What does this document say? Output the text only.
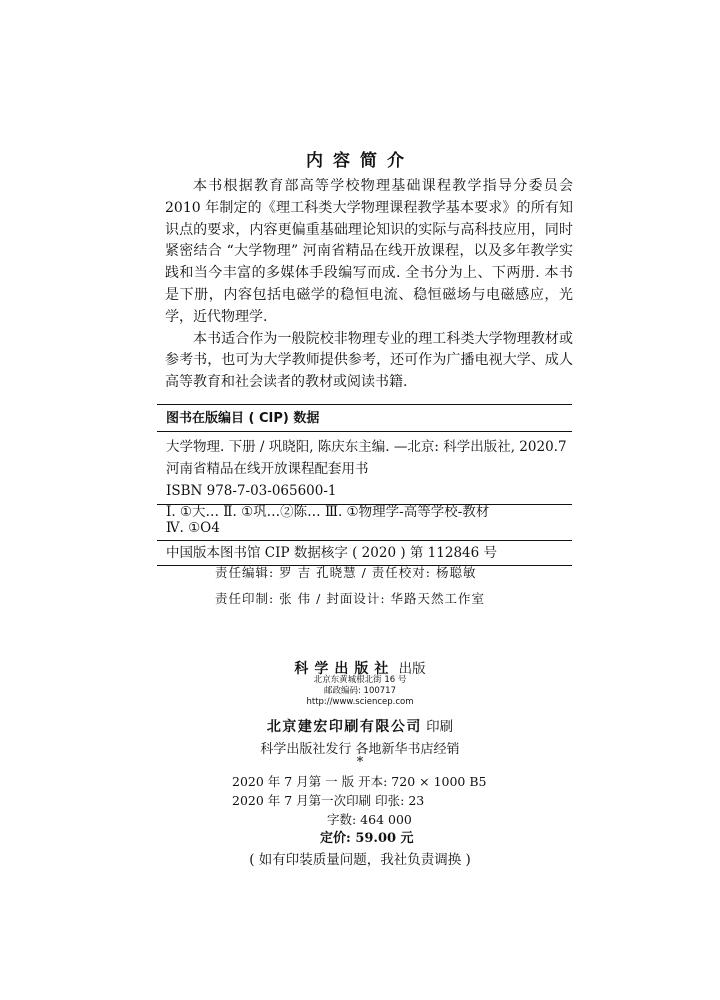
内容简介

本书根据教育部高等学校物理基础课程教学指导分委员会 2010 年制定的《理工科类大学物理课程教学基本要求》的所有知识点的要求，内容更偏重基础理论知识的实际与高科技应用，同时紧密结合 “大学物理” 河南省精品在线开放课程，以及多年教学实践和当今丰富的多媒体手段编写而成. 全书分为上、下两册. 本书是下册，内容包括电磁学的稳恒电流、稳恒磁场与电磁感应，光学，近代物理学.

本书适合作为一般院校非物理专业的理工科类大学物理教材或参考书，也可为大学教师提供参考，还可作为广播电视大学、成人高等教育和社会读者的教材或阅读书籍.

图书在版编目 ( CIP) 数据
大学物理. 下册 / 巩晓阳, 陈庆东主编. —北京: 科学出版社, 2020.7
河南省精品在线开放课程配套用书
ISBN 978-7-03-065600-1
Ⅰ. ①大… Ⅱ. ①巩…②陈… Ⅲ. ①物理学-高等学校-教材
Ⅳ. ①O4
中国版本图书馆 CIP 数据核字 ( 2020 ) 第 112846 号
责任编辑: 罗 吉 孔晓慧 / 责任校对: 杨聪敏
责任印制: 张 伟 / 封面设计: 华路天然工作室
科学出版社 出版
北京东黄城根北街 16 号
邮政编码: 100717
http://www.sciencep.com
北京建宏印刷有限公司 印刷
科学出版社发行 各地新华书店经销
*
2020 年 7 月第 一 版 开本: 720 × 1000 B5
2020 年 7 月第一次印刷 印张: 23
字数: 464 000
定价: 59.00 元
( 如有印装质量问题，我社负责调换 )
